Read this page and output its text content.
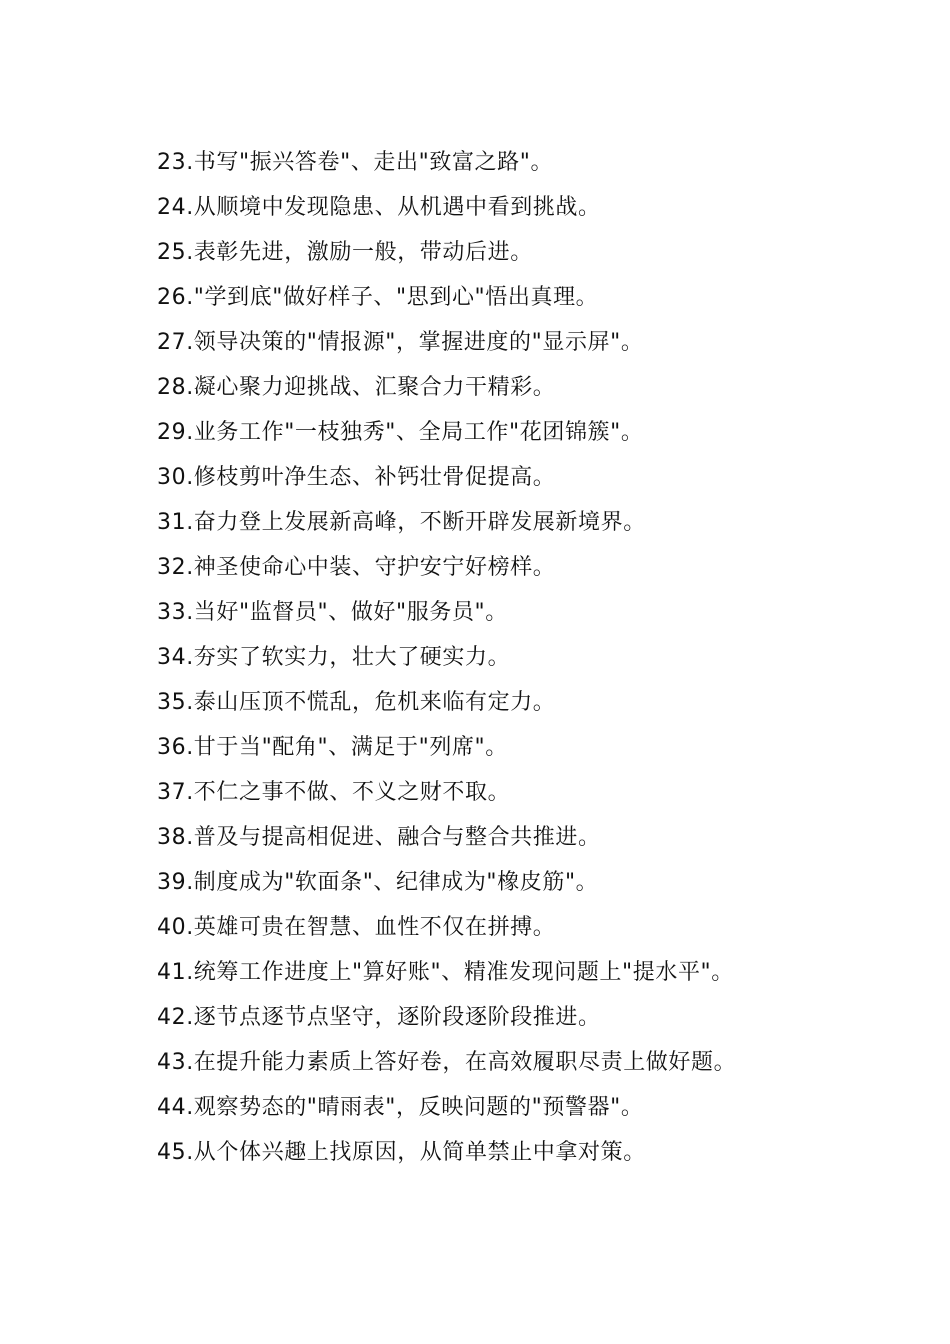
23.书写"振兴答卷"、走出"致富之路"。
24.从顺境中发现隐患、从机遇中看到挑战。
25.表彰先进，激励一般，带动后进。
26."学到底"做好样子、"思到心"悟出真理。
27.领导决策的"情报源"，掌握进度的"显示屏"。
28.凝心聚力迎挑战、汇聚合力干精彩。
29.业务工作"一枝独秀"、全局工作"花团锦簇"。
30.修枝剪叶净生态、补钙壮骨促提高。
31.奋力登上发展新高峰，不断开辟发展新境界。
32.神圣使命心中装、守护安宁好榜样。
33.当好"监督员"、做好"服务员"。
34.夯实了软实力，壮大了硬实力。
35.泰山压顶不慌乱，危机来临有定力。
36.甘于当"配角"、满足于"列席"。
37.不仁之事不做、不义之财不取。
38.普及与提高相促进、融合与整合共推进。
39.制度成为"软面条"、纪律成为"橡皮筋"。
40.英雄可贵在智慧、血性不仅在拼搏。
41.统筹工作进度上"算好账"、精准发现问题上"提水平"。
42.逐节点逐节点坚守，逐阶段逐阶段推进。
43.在提升能力素质上答好卷，在高效履职尽责上做好题。
44.观察势态的"晴雨表"，反映问题的"预警器"。
45.从个体兴趣上找原因，从简单禁止中拿对策。
